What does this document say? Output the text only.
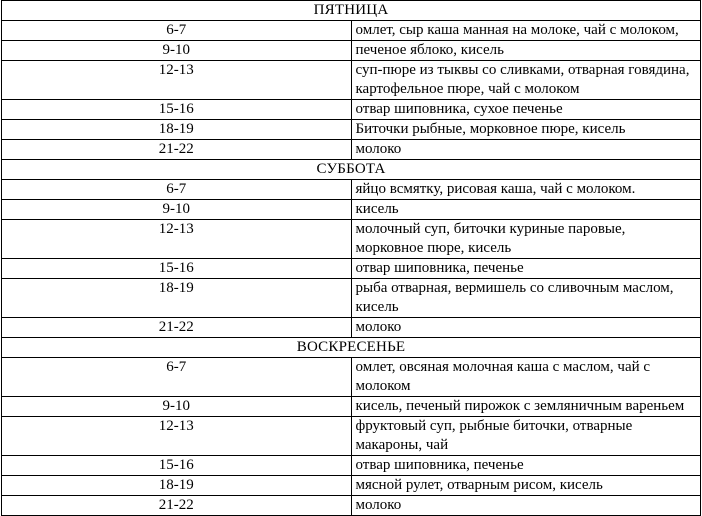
ПЯТНИЦА	
6-7	омлет, сыр каша манная на молоке, чай с молоком,
9-10	печеное яблоко, кисель
12-13	суп-пюре из тыквы со сливками, отварная говядина, картофельное пюре, чай с молоком
15-16	отвар шиповника, сухое печенье
18-19	Биточки рыбные, морковное пюре, кисель
21-22	молоко
СУББОТА	
6-7	яйцо всмятку, рисовая каша, чай с молоком.
9-10	кисель
12-13	молочный суп, биточки куриные паровые, морковное пюре, кисель
15-16	отвар шиповника, печенье
18-19	рыба отварная, вермишель со сливочным маслом, кисель
21-22	молоко
ВОСКРЕСЕНЬЕ	
6-7	омлет, овсяная молочная каша с маслом, чай с молоком
9-10	кисель, печеный пирожок с земляничным вареньем
12-13	фруктовый суп, рыбные биточки, отварные макароны, чай
15-16	отвар шиповника, печенье
18-19	мясной рулет, отварным рисом, кисель
21-22	молоко
